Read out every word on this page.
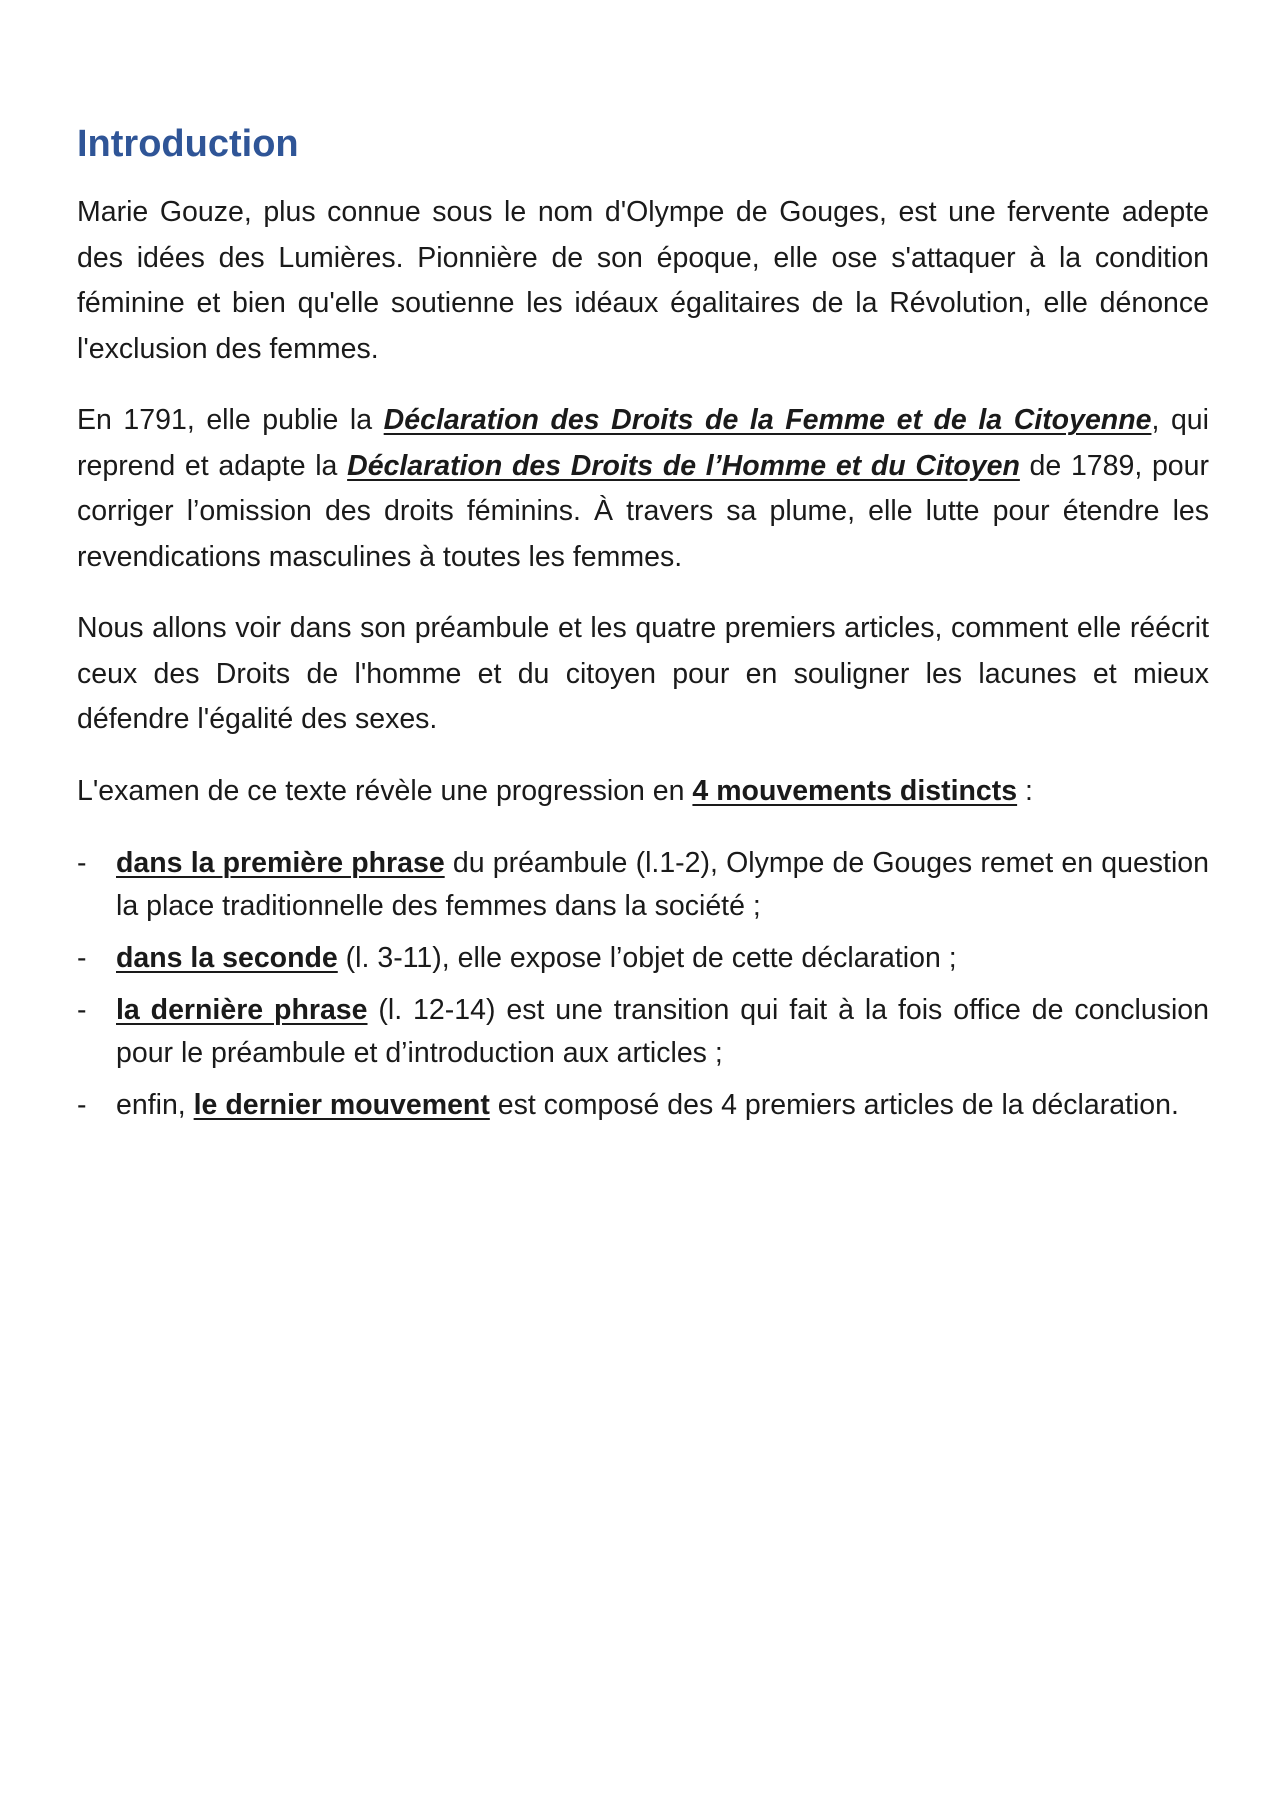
Introduction

Marie Gouze, plus connue sous le nom d'Olympe de Gouges, est une fervente adepte des idées des Lumières. Pionnière de son époque, elle ose s'attaquer à la condition féminine et bien qu'elle soutienne les idéaux égalitaires de la Révolution, elle dénonce l'exclusion des femmes.

En 1791, elle publie la Déclaration des Droits de la Femme et de la Citoyenne, qui reprend et adapte la Déclaration des Droits de l’Homme et du Citoyen de 1789, pour corriger l’omission des droits féminins. À travers sa plume, elle lutte pour étendre les revendications masculines à toutes les femmes.

Nous allons voir dans son préambule et les quatre premiers articles, comment elle réécrit ceux des Droits de l'homme et du citoyen pour en souligner les lacunes et mieux défendre l'égalité des sexes.

L'examen de ce texte révèle une progression en 4 mouvements distincts :

- dans la première phrase du préambule (l.1-2), Olympe de Gouges remet en question la place traditionnelle des femmes dans la société ;
- dans la seconde (l. 3-11), elle expose l’objet de cette déclaration ;
- la dernière phrase (l. 12-14) est une transition qui fait à la fois office de conclusion pour le préambule et d’introduction aux articles ;
- enfin, le dernier mouvement est composé des 4 premiers articles de la déclaration.
